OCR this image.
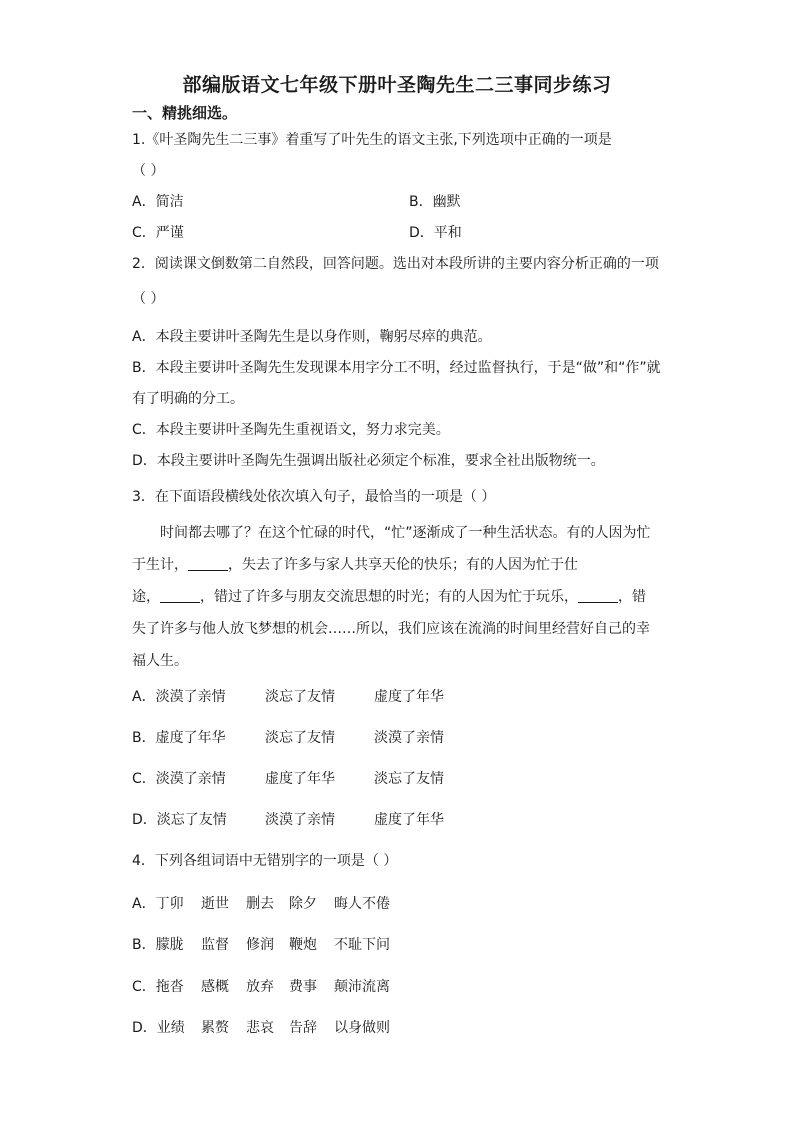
部编版语文七年级下册叶圣陶先生二三事同步练习
一、精挑细选。
1.《叶圣陶先生二三事》着重写了叶先生的语文主张,下列选项中正确的一项是
（ ）
A．简洁	B．幽默
C．严谨	D．平和
2．阅读课文倒数第二自然段，回答问题。选出对本段所讲的主要内容分析正确的一项
（ ）
A．本段主要讲叶圣陶先生是以身作则，鞠躬尽瘁的典范。
B．本段主要讲叶圣陶先生发现课本用字分工不明，经过监督执行，于是“做”和“作”就
有了明确的分工。
C．本段主要讲叶圣陶先生重视语文，努力求完美。
D．本段主要讲叶圣陶先生强调出版社必须定个标准，要求全社出版物统一。
3．在下面语段横线处依次填入句子，最恰当的一项是（ ）
时间都去哪了？在这个忙碌的时代，“忙”逐渐成了一种生活状态。有的人因为忙
于生计，	，失去了许多与家人共享天伦的快乐；有的人因为忙于仕
途，	，错过了许多与朋友交流思想的时光；有的人因为忙于玩乐，	，错
失了许多与他人放飞梦想的机会……所以，我们应该在流淌的时间里经营好自己的幸
福人生。
A．淡漠了亲情	淡忘了友情	虚度了年华
B．虚度了年华	淡忘了友情	淡漠了亲情
C．淡漠了亲情	虚度了年华	淡忘了友情
D．淡忘了友情	淡漠了亲情	虚度了年华
4．下列各组词语中无错别字的一项是（ ）
A．丁卯 逝世 删去 除夕 晦人不倦
B．朦胧 监督 修润 鞭炮 不耻下问
C．拖沓 感概 放弃 费事 颠沛流离
D．业绩 累赘 悲哀 告辞 以身做则
